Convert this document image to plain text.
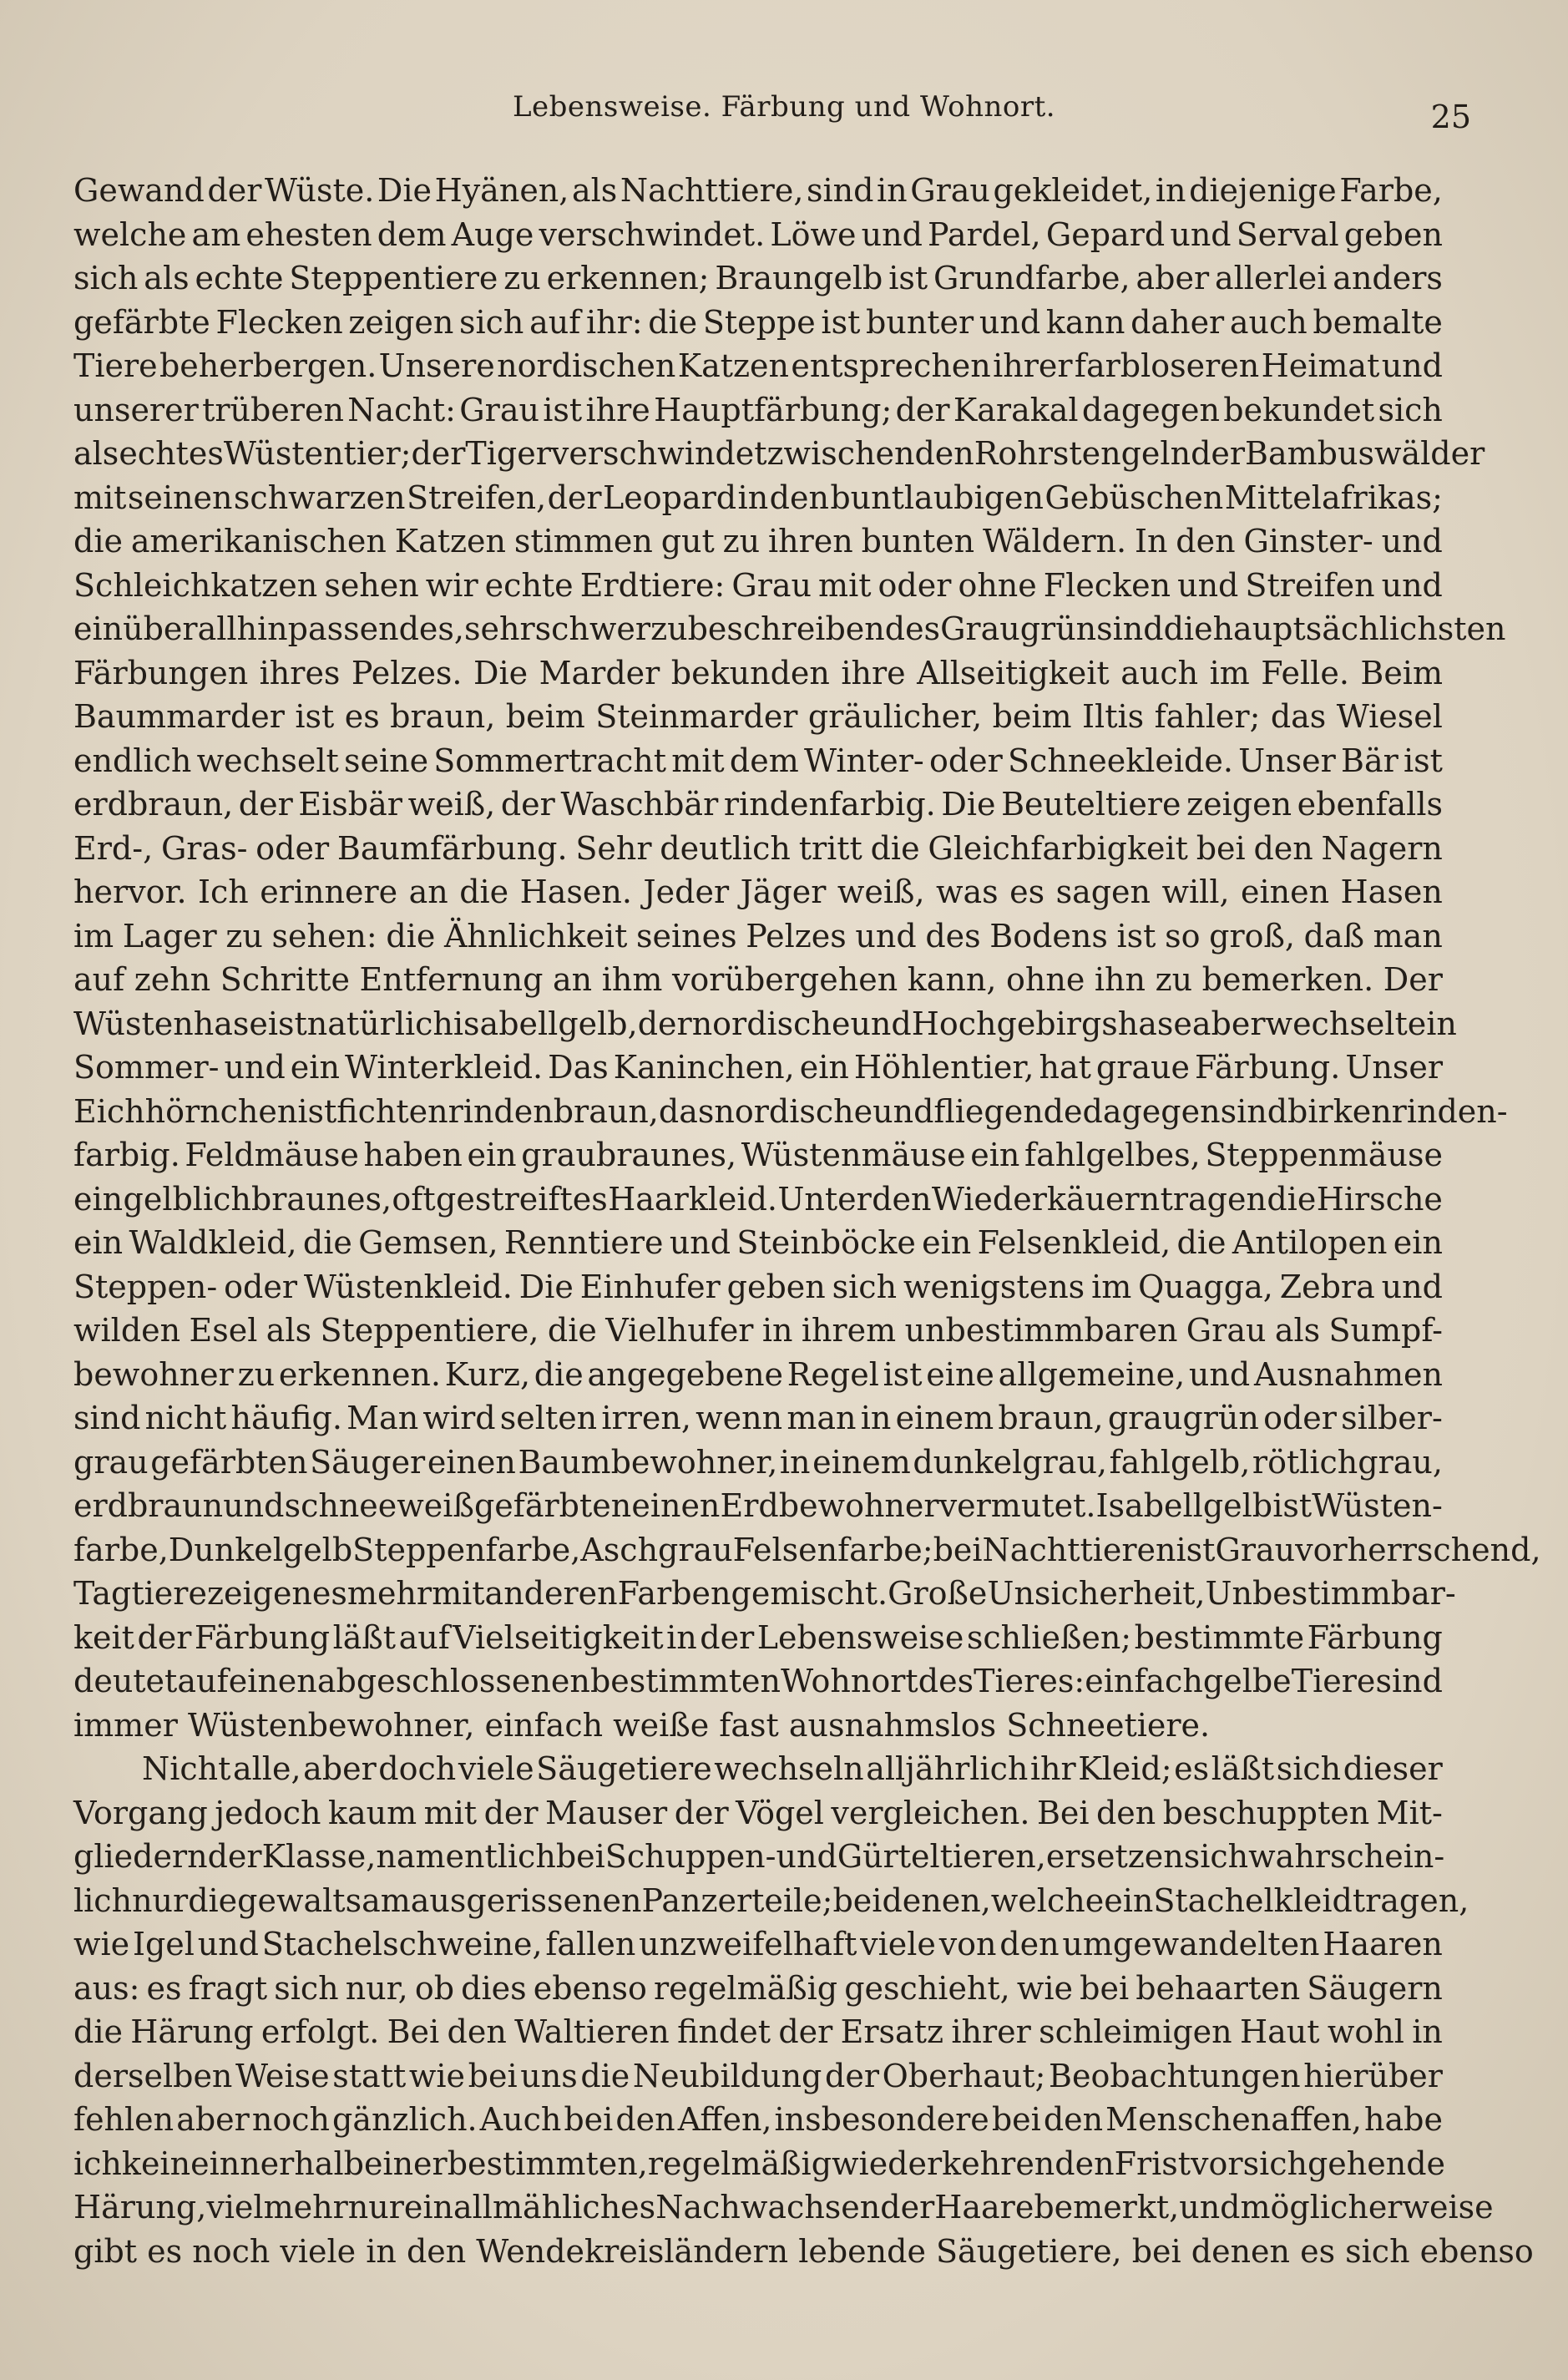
Lebensweise. Färbung und Wohnort.	25
Gewand der Wüste. Die Hyänen, als Nachttiere, sind in Grau gekleidet, in diejenige Farbe,
welche am ehesten dem Auge verschwindet. Löwe und Pardel, Gepard und Serval geben
sich als echte Steppentiere zu erkennen; Braungelb ist Grundfarbe, aber allerlei anders
gefärbte Flecken zeigen sich auf ihr: die Steppe ist bunter und kann daher auch bemalte
Tiere beherbergen. Unsere nordischen Katzen entsprechen ihrer farbloseren Heimat und
unserer trüberen Nacht: Grau ist ihre Hauptfärbung; der Karakal dagegen bekundet sich
als echtes Wüstentier; der Tiger verschwindet zwischen den Rohrstengeln der Bambuswälder
mit seinen schwarzen Streifen, der Leopard in den buntlaubigen Gebüschen Mittelafrikas;
die amerikanischen Katzen stimmen gut zu ihren bunten Wäldern. In den Ginster- und
Schleichkatzen sehen wir echte Erdtiere: Grau mit oder ohne Flecken und Streifen und
ein überall hinpassendes, sehr schwer zu beschreibendes Graugrün sind die hauptsächlichsten
Färbungen ihres Pelzes. Die Marder bekunden ihre Allseitigkeit auch im Felle. Beim
Baummarder ist es braun, beim Steinmarder gräulicher, beim Iltis fahler; das Wiesel
endlich wechselt seine Sommertracht mit dem Winter- oder Schneekleide. Unser Bär ist
erdbraun, der Eisbär weiß, der Waschbär rindenfarbig. Die Beuteltiere zeigen ebenfalls
Erd-, Gras- oder Baumfärbung. Sehr deutlich tritt die Gleichfarbigkeit bei den Nagern
hervor. Ich erinnere an die Hasen. Jeder Jäger weiß, was es sagen will, einen Hasen
im Lager zu sehen: die Ähnlichkeit seines Pelzes und des Bodens ist so groß, daß man
auf zehn Schritte Entfernung an ihm vorübergehen kann, ohne ihn zu bemerken. Der
Wüstenhase ist natürlich isabellgelb, der nordische und Hochgebirgshase aber wechselt ein
Sommer- und ein Winterkleid. Das Kaninchen, ein Höhlentier, hat graue Färbung. Unser
Eichhörnchen ist fichtenrindenbraun, das nordische und fliegende dagegen sind birkenrinden-
farbig. Feldmäuse haben ein graubraunes, Wüstenmäuse ein fahlgelbes, Steppenmäuse
ein gelblichbraunes, oft gestreiftes Haarkleid. Unter den Wiederkäuern tragen die Hirsche
ein Waldkleid, die Gemsen, Renntiere und Steinböcke ein Felsenkleid, die Antilopen ein
Steppen- oder Wüstenkleid. Die Einhufer geben sich wenigstens im Quagga, Zebra und
wilden Esel als Steppentiere, die Vielhufer in ihrem unbestimmbaren Grau als Sumpf-
bewohner zu erkennen. Kurz, die angegebene Regel ist eine allgemeine, und Ausnahmen
sind nicht häufig. Man wird selten irren, wenn man in einem braun, graugrün oder silber-
grau gefärbten Säuger einen Baumbewohner, in einem dunkelgrau, fahlgelb, rötlichgrau,
erdbraun und schneeweiß gefärbten einen Erdbewohner vermutet. Isabellgelb ist Wüsten-
farbe, Dunkelgelb Steppenfarbe, Aschgrau Felsenfarbe; bei Nachttieren ist Grau vorherrschend,
Tagtiere zeigen es mehr mit anderen Farben gemischt. Große Unsicherheit, Unbestimmbar-
keit der Färbung läßt auf Vielseitigkeit in der Lebensweise schließen; bestimmte Färbung
deutet auf einen abgeschlossenen bestimmten Wohnort des Tieres: einfach gelbe Tiere sind
immer Wüstenbewohner, einfach weiße fast ausnahmslos Schneetiere.
Nicht alle, aber doch viele Säugetiere wechseln alljährlich ihr Kleid; es läßt sich dieser
Vorgang jedoch kaum mit der Mauser der Vögel vergleichen. Bei den beschuppten Mit-
gliedern der Klasse, namentlich bei Schuppen- und Gürteltieren, ersetzen sich wahrschein-
lich nur die gewaltsam ausgerissenen Panzerteile; bei denen, welche ein Stachelkleid tragen,
wie Igel und Stachelschweine, fallen unzweifelhaft viele von den umgewandelten Haaren
aus: es fragt sich nur, ob dies ebenso regelmäßig geschieht, wie bei behaarten Säugern
die Härung erfolgt. Bei den Waltieren findet der Ersatz ihrer schleimigen Haut wohl in
derselben Weise statt wie bei uns die Neubildung der Oberhaut; Beobachtungen hierüber
fehlen aber noch gänzlich. Auch bei den Affen, insbesondere bei den Menschenaffen, habe
ich keine innerhalb einer bestimmten, regelmäßig wiederkehrenden Frist vor sich gehende
Härung, vielmehr nur ein allmähliches Nachwachsen der Haare bemerkt, und möglicherweise
gibt es noch viele in den Wendekreisländern lebende Säugetiere, bei denen es sich ebenso
